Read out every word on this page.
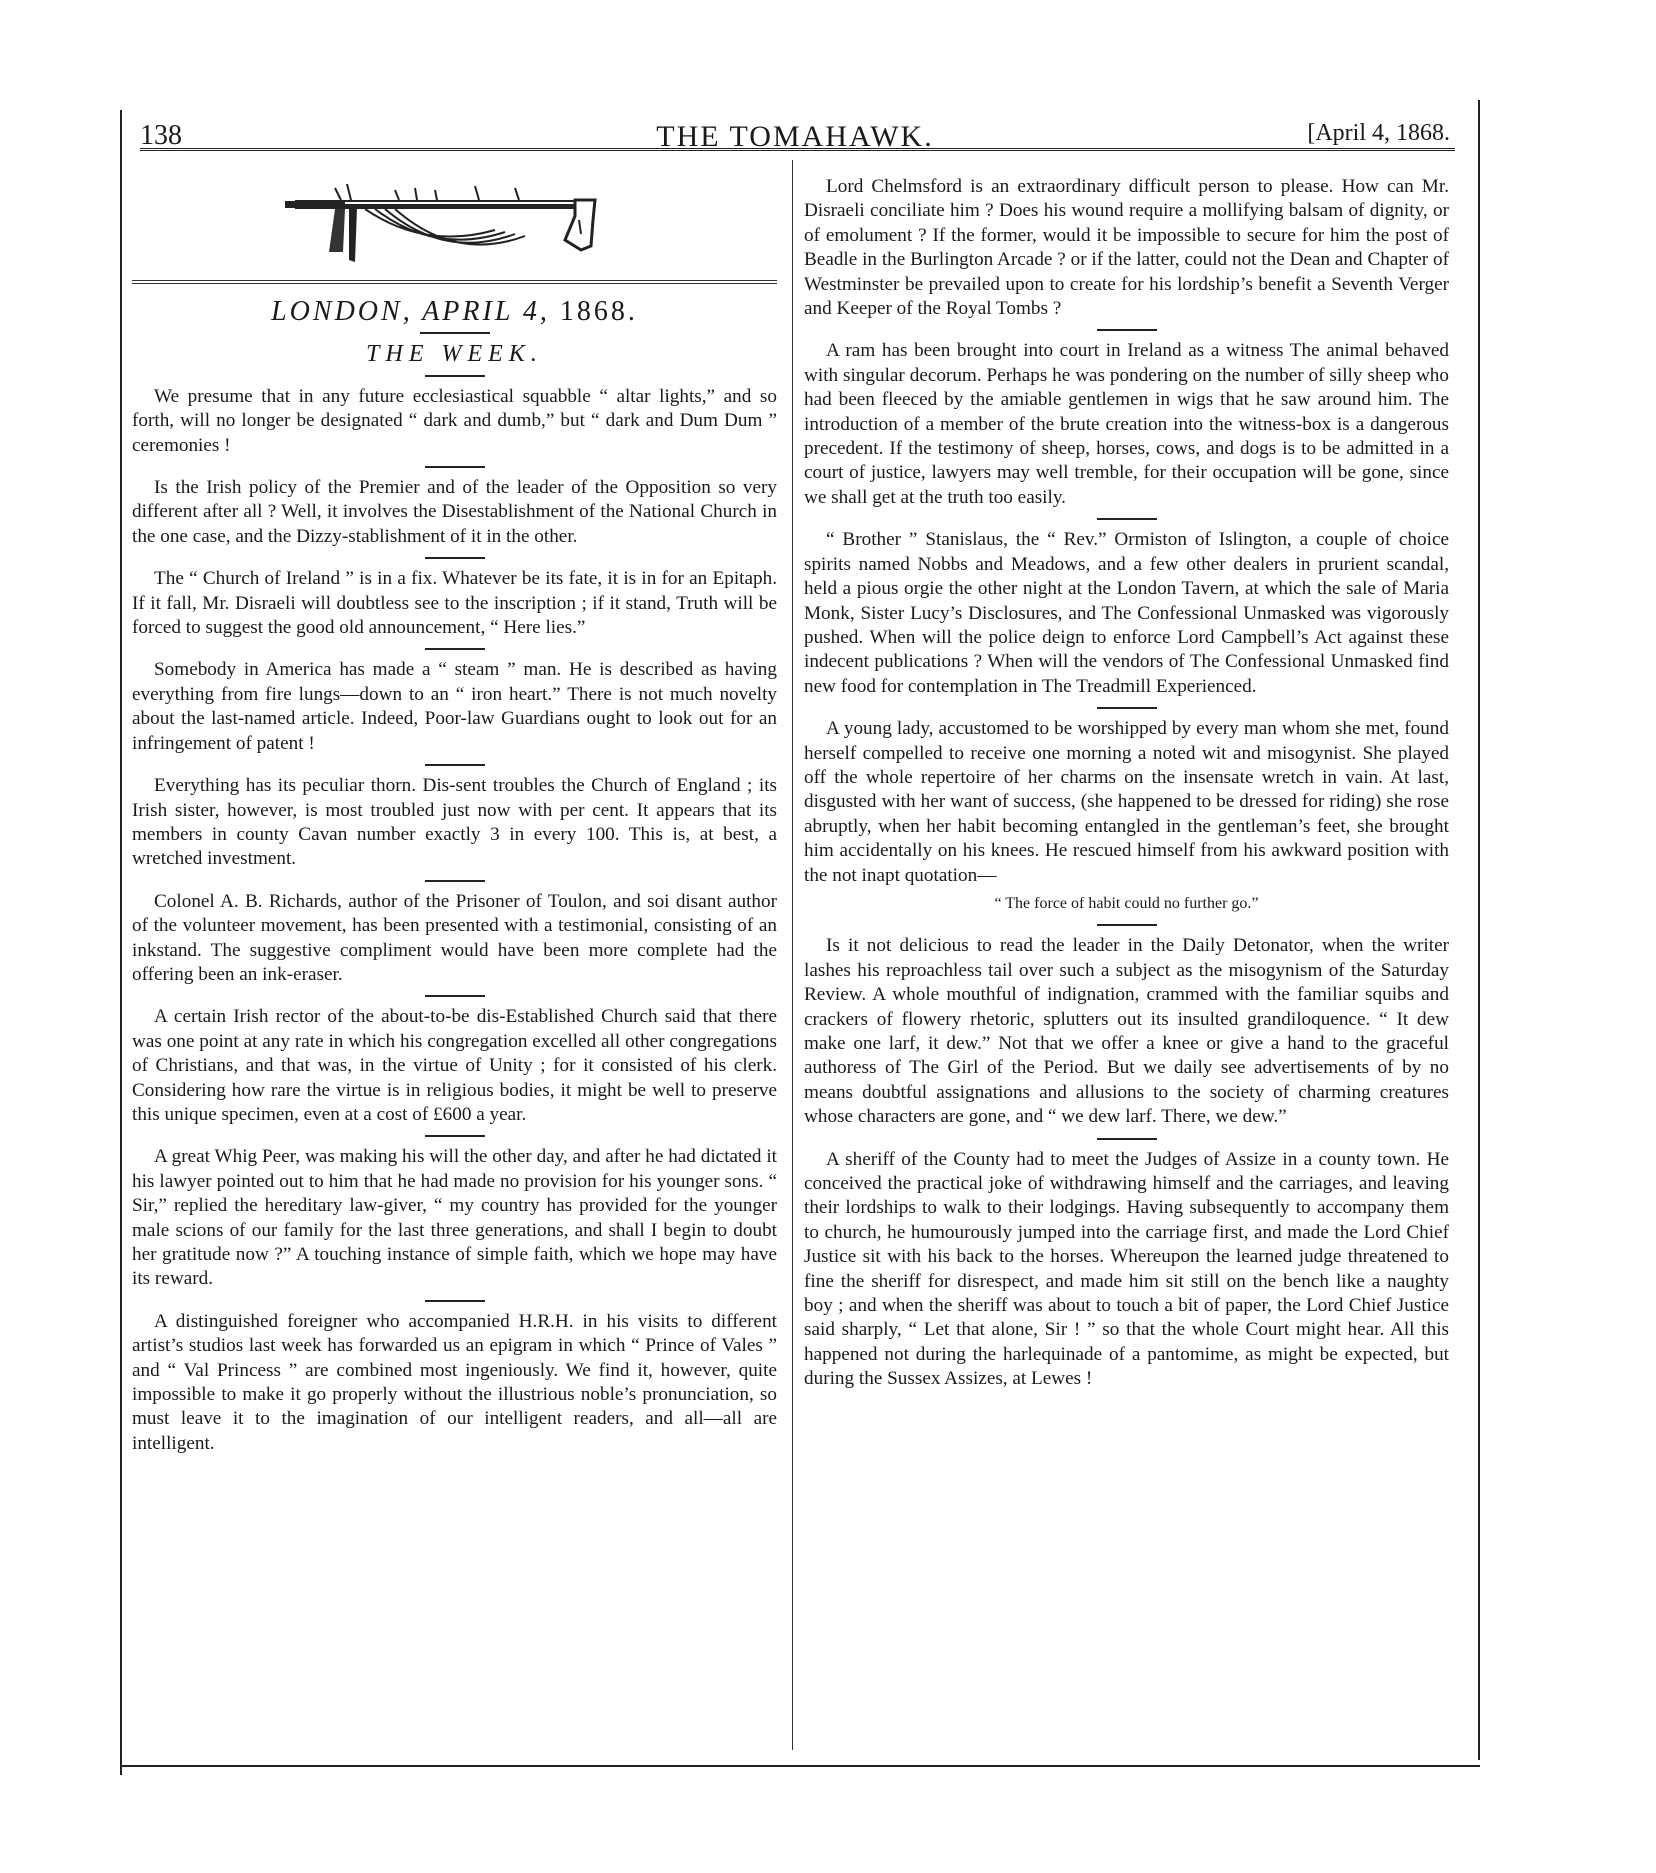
138	THE TOMAHAWK.	[April 4, 1868.
LONDON, APRIL 4, 1868.
THE WEEK.

We presume that in any future ecclesiastical squabble “ altar lights,” and so forth, will no longer be designated “ dark and dumb,” but “ dark and Dum Dum ” ceremonies !

Is the Irish policy of the Premier and of the leader of the Opposition so very different after all ? Well, it involves the Disestablishment of the National Church in the one case, and the Dizzy-stablishment of it in the other.

The “ Church of Ireland ” is in a fix. Whatever be its fate, it is in for an Epitaph. If it fall, Mr. Disraeli will doubtless see to the inscription ; if it stand, Truth will be forced to suggest the good old announcement, “ Here lies.”

Somebody in America has made a “ steam ” man. He is described as having everything from fire lungs—down to an “ iron heart.” There is not much novelty about the last-named article. Indeed, Poor-law Guardians ought to look out for an infringement of patent !

Everything has its peculiar thorn. Dis-sent troubles the Church of England ; its Irish sister, however, is most troubled just now with per cent. It appears that its members in county Cavan number exactly 3 in every 100. This is, at best, a wretched investment.

Colonel A. B. Richards, author of the Prisoner of Toulon, and soi disant author of the volunteer movement, has been presented with a testimonial, consisting of an inkstand. The suggestive compliment would have been more complete had the offering been an ink-eraser.

A certain Irish rector of the about-to-be dis-Established Church said that there was one point at any rate in which his congregation excelled all other congregations of Christians, and that was, in the virtue of Unity ; for it consisted of his clerk. Considering how rare the virtue is in religious bodies, it might be well to preserve this unique specimen, even at a cost of £600 a year.

A great Whig Peer, was making his will the other day, and after he had dictated it his lawyer pointed out to him that he had made no provision for his younger sons. “ Sir,” replied the hereditary law-giver, “ my country has provided for the younger male scions of our family for the last three generations, and shall I begin to doubt her gratitude now ?” A touching instance of simple faith, which we hope may have its reward.

A distinguished foreigner who accompanied H.R.H. in his visits to different artist’s studios last week has forwarded us an epigram in which “ Prince of Vales ” and “ Val Princess ” are combined most ingeniously. We find it, however, quite impossible to make it go properly without the illustrious noble’s pronunciation, so must leave it to the imagination of our intelligent readers, and all—all are intelligent.

Lord Chelmsford is an extraordinary difficult person to please. How can Mr. Disraeli conciliate him ? Does his wound require a mollifying balsam of dignity, or of emolument ? If the former, would it be impossible to secure for him the post of Beadle in the Burlington Arcade ? or if the latter, could not the Dean and Chapter of Westminster be prevailed upon to create for his lordship’s benefit a Seventh Verger and Keeper of the Royal Tombs ?

A ram has been brought into court in Ireland as a witness The animal behaved with singular decorum. Perhaps he was pondering on the number of silly sheep who had been fleeced by the amiable gentlemen in wigs that he saw around him. The introduction of a member of the brute creation into the witness-box is a dangerous precedent. If the testimony of sheep, horses, cows, and dogs is to be admitted in a court of justice, lawyers may well tremble, for their occupation will be gone, since we shall get at the truth too easily.

“ Brother ” Stanislaus, the “ Rev.” Ormiston of Islington, a couple of choice spirits named Nobbs and Meadows, and a few other dealers in prurient scandal, held a pious orgie the other night at the London Tavern, at which the sale of Maria Monk, Sister Lucy’s Disclosures, and The Confessional Unmasked was vigorously pushed. When will the police deign to enforce Lord Campbell’s Act against these indecent publications ? When will the vendors of The Confessional Unmasked find new food for contemplation in The Treadmill Experienced.

A young lady, accustomed to be worshipped by every man whom she met, found herself compelled to receive one morning a noted wit and misogynist. She played off the whole repertoire of her charms on the insensate wretch in vain. At last, disgusted with her want of success, (she happened to be dressed for riding) she rose abruptly, when her habit becoming entangled in the gentleman’s feet, she brought him accidentally on his knees. He rescued himself from his awkward position with the not inapt quotation—

“ The force of habit could no further go.”

Is it not delicious to read the leader in the Daily Detonator, when the writer lashes his reproachless tail over such a subject as the misogynism of the Saturday Review. A whole mouthful of indignation, crammed with the familiar squibs and crackers of flowery rhetoric, splutters out its insulted grandiloquence. “ It dew make one larf, it dew.” Not that we offer a knee or give a hand to the graceful authoress of The Girl of the Period. But we daily see advertisements of by no means doubtful assignations and allusions to the society of charming creatures whose characters are gone, and “ we dew larf. There, we dew.”

A sheriff of the County had to meet the Judges of Assize in a county town. He conceived the practical joke of withdrawing himself and the carriages, and leaving their lordships to walk to their lodgings. Having subsequently to accompany them to church, he humourously jumped into the carriage first, and made the Lord Chief Justice sit with his back to the horses. Whereupon the learned judge threatened to fine the sheriff for disrespect, and made him sit still on the bench like a naughty boy ; and when the sheriff was about to touch a bit of paper, the Lord Chief Justice said sharply, “ Let that alone, Sir ! ” so that the whole Court might hear. All this happened not during the harlequinade of a pantomime, as might be expected, but during the Sussex Assizes, at Lewes !
